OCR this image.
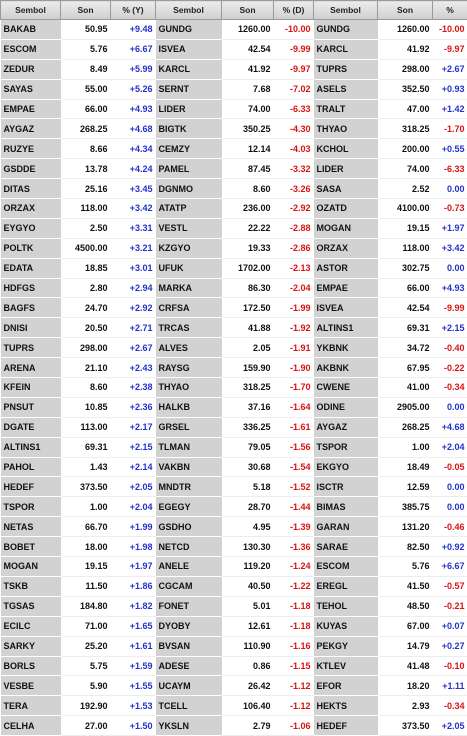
Sembol	Son	% (Y)
BAKAB	50.95	+9.48
ESCOM	5.76	+6.67
ZEDUR	8.49	+5.99
SAYAS	55.00	+5.26
EMPAE	66.00	+4.93
AYGAZ	268.25	+4.68
RUZYE	8.66	+4.34
GSDDE	13.78	+4.24
DITAS	25.16	+3.45
ORZAX	118.00	+3.42
EYGYO	2.50	+3.31
POLTK	4500.00	+3.21
EDATA	18.85	+3.01
HDFGS	2.80	+2.94
BAGFS	24.70	+2.92
DNISI	20.50	+2.71
TUPRS	298.00	+2.67
ARENA	21.10	+2.43
KFEIN	8.60	+2.38
PNSUT	10.85	+2.36
DGATE	113.00	+2.17
ALTINS1	69.31	+2.15
PAHOL	1.43	+2.14
HEDEF	373.50	+2.05
TSPOR	1.00	+2.04
NETAS	66.70	+1.99
BOBET	18.00	+1.98
MOGAN	19.15	+1.97
TSKB	11.50	+1.86
TGSAS	184.80	+1.82
ECILC	71.00	+1.65
SARKY	25.20	+1.61
BORLS	5.75	+1.59
VESBE	5.90	+1.55
TERA	192.90	+1.53
CELHA	27.00	+1.50
Sembol	Son	% (D)
GUNDG	1260.00	-10.00
ISVEA	42.54	-9.99
KARCL	41.92	-9.97
SERNT	7.68	-7.02
LIDER	74.00	-6.33
BIGTK	350.25	-4.30
CEMZY	12.14	-4.03
PAMEL	87.45	-3.32
DGNMO	8.60	-3.26
ATATP	236.00	-2.92
VESTL	22.22	-2.88
KZGYO	19.33	-2.86
UFUK	1702.00	-2.13
MARKA	86.30	-2.04
CRFSA	172.50	-1.99
TRCAS	41.88	-1.92
ALVES	2.05	-1.91
RAYSG	159.90	-1.90
THYAO	318.25	-1.70
HALKB	37.16	-1.64
GRSEL	336.25	-1.61
TLMAN	79.05	-1.56
VAKBN	30.68	-1.54
MNDTR	5.18	-1.52
EGEGY	28.70	-1.44
GSDHO	4.95	-1.39
NETCD	130.30	-1.36
ANELE	119.20	-1.24
CGCAM	40.50	-1.22
FONET	5.01	-1.18
DYOBY	12.61	-1.18
BVSAN	110.90	-1.16
ADESE	0.86	-1.15
UCAYM	26.42	-1.12
TCELL	106.40	-1.12
YKSLN	2.79	-1.06
Sembol	Son	%
GUNDG	1260.00	-10.00
KARCL	41.92	-9.97
TUPRS	298.00	+2.67
ASELS	352.50	+0.93
TRALT	47.00	+1.42
THYAO	318.25	-1.70
KCHOL	200.00	+0.55
LIDER	74.00	-6.33
SASA	2.52	0.00
OZATD	4100.00	-0.73
MOGAN	19.15	+1.97
ORZAX	118.00	+3.42
ASTOR	302.75	0.00
EMPAE	66.00	+4.93
ISVEA	42.54	-9.99
ALTINS1	69.31	+2.15
YKBNK	34.72	-0.40
AKBNK	67.95	-0.22
CWENE	41.00	-0.34
ODINE	2905.00	0.00
AYGAZ	268.25	+4.68
TSPOR	1.00	+2.04
EKGYO	18.49	-0.05
ISCTR	12.59	0.00
BIMAS	385.75	0.00
GARAN	131.20	-0.46
SARAE	82.50	+0.92
ESCOM	5.76	+6.67
EREGL	41.50	-0.57
TEHOL	48.50	-0.21
KUYAS	67.00	+0.07
PEKGY	14.79	+0.27
KTLEV	41.48	-0.10
EFOR	18.20	+1.11
HEKTS	2.93	-0.34
HEDEF	373.50	+2.05
